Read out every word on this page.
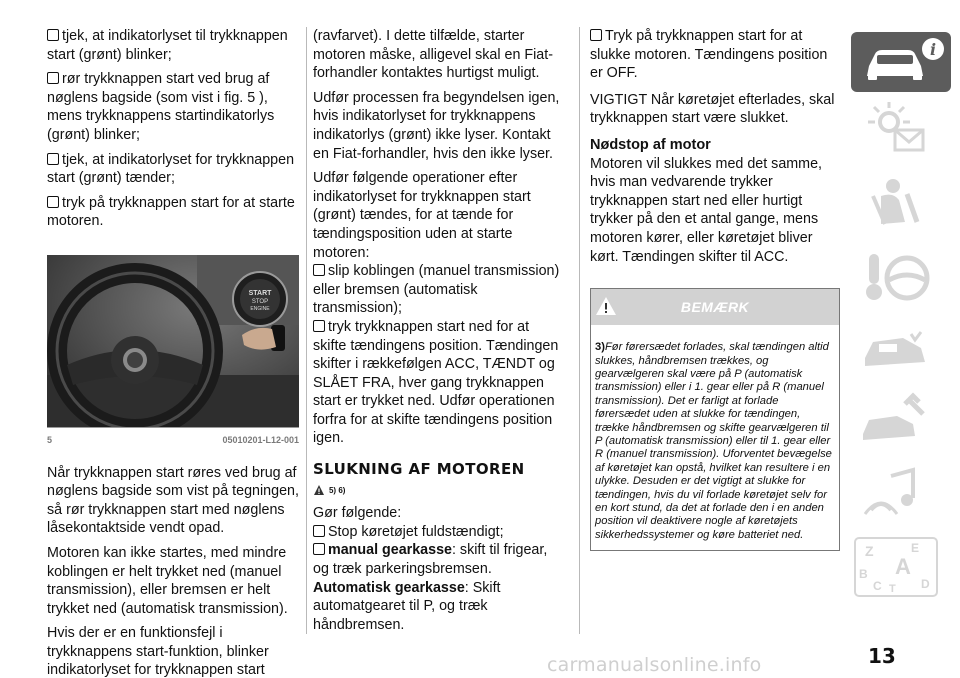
tjek, at indikatorlyset til trykknappen start (grønt) blinker;
rør trykknappen start ved brug af nøglens bagside (som vist i fig. 5 ), mens trykknappens startindikatorlys (grønt) blinker;
tjek, at indikatorlyset for trykknappen start (grønt) tænder;
tryk på trykknappen start for at starte motoren.
START
STOP
ENGINE
5	05010201-L12-001
Når trykknappen start røres ved brug af nøglens bagside som vist på tegningen, så rør trykknappen start med nøglens låsekontaktside vendt opad.
Motoren kan ikke startes, med mindre koblingen er helt trykket ned (manuel transmission), eller bremsen er helt trykket ned (automatisk transmission).
Hvis der er en funktionsfejl i trykknappens start-funktion, blinker indikatorlyset for trykknappen start
(ravfarvet). I dette tilfælde, starter motoren måske, alligevel skal en Fiat-forhandler kontaktes hurtigst muligt.
Udfør processen fra begyndelsen igen, hvis indikatorlyset for trykknappens indikatorlys (grønt) ikke lyser. Kontakt en Fiat-forhandler, hvis den ikke lyser.
Udfør følgende operationer efter indikatorlyset for trykknappen start (grønt) tændes, for at tænde for tændingsposition uden at starte motoren:
slip koblingen (manuel transmission) eller bremsen (automatisk transmission);
tryk trykknappen start ned for at skifte tændingens position. Tændingen skifter i rækkefølgen ACC, TÆNDT og SLÅET FRA, hver gang trykknappen start er trykket ned. Udfør operationen forfra for at skifte tændingens position igen.
SLUKNING AF MOTOREN
5) 6)
Gør følgende:
Stop køretøjet fuldstændigt;
manual gearkasse: skift til frigear, og træk parkeringsbremsen.
Automatisk gearkasse: Skift automatgearet til P, og træk håndbremsen.
Tryk på trykknappen start for at slukke motoren. Tændingens position er OFF.
VIGTIGT Når køretøjet efterlades, skal trykknappen start være slukket.
Nødstop af motor
Motoren vil slukkes med det samme, hvis man vedvarende trykker trykknappen start ned eller hurtigt trykker på den et antal gange, mens motoren kører, eller køretøjet bliver kørt. Tændingen skifter til ACC.
BEMÆRK
3)Før førersædet forlades, skal tændingen altid slukkes, håndbremsen trækkes, og gearvælgeren skal være på P (automatisk transmission) eller i 1. gear eller på R (manuel transmission). Det er farligt at forlade førersædet uden at slukke for tændingen, trække håndbremsen og skifte gearvælgeren til P (automatisk transmission) eller til 1. gear eller R (manuel transmission). Uforventet bevægelse af køretøjet kan opstå, hvilket kan resultere i en ulykke. Desuden er det vigtigt at slukke for tændingen, hvis du vil forlade køretøjet selv for en kort stund, da det at forlade den i en anden position vil deaktivere nogle af køretøjets sikkerhedssystemer og køre batteriet ned.
i
Z	E
B A
C T D
carmanualsonline.info	13
